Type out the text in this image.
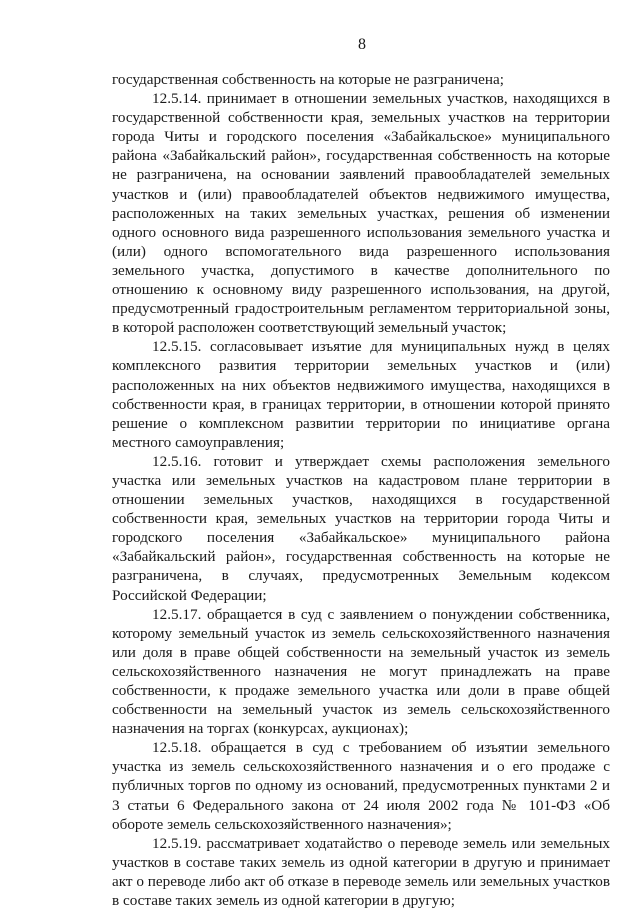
8

государственная собственность на которые не разграничена;

12.5.14. принимает в отношении земельных участков, находящихся в государственной собственности края, земельных участков на территории города Читы и городского поселения «Забайкальское» муниципального района «Забайкальский район», государственная собственность на которые не разграничена, на основании заявлений правообладателей земельных участков и (или) правообладателей объектов недвижимого имущества, расположенных на таких земельных участках, решения об изменении одного основного вида разрешенного использования земельного участка и (или) одного вспомогательного вида разрешенного использования земельного участка, допустимого в качестве дополнительного по отношению к основному виду разрешенного использования, на другой, предусмотренный градостроительным регламентом территориальной зоны, в которой расположен соответствующий земельный участок;

12.5.15. согласовывает изъятие для муниципальных нужд в целях комплексного развития территории земельных участков и (или) расположенных на них объектов недвижимого имущества, находящихся в собственности края, в границах территории, в отношении которой принято решение о комплексном развитии территории по инициативе органа местного самоуправления;

12.5.16. готовит и утверждает схемы расположения земельного участка или земельных участков на кадастровом плане территории в отношении земельных участков, находящихся в государственной собственности края, земельных участков на территории города Читы и городского поселения «Забайкальское» муниципального района «Забайкальский район», государственная собственность на которые не разграничена, в случаях, предусмотренных Земельным кодексом Российской Федерации;

12.5.17. обращается в суд с заявлением о понуждении собственника, которому земельный участок из земель сельскохозяйственного назначения или доля в праве общей собственности на земельный участок из земель сельскохозяйственного назначения не могут принадлежать на праве собственности, к продаже земельного участка или доли в праве общей собственности на земельный участок из земель сельскохозяйственного назначения на торгах (конкурсах, аукционах);

12.5.18. обращается в суд с требованием об изъятии земельного участка из земель сельскохозяйственного назначения и о его продаже с публичных торгов по одному из оснований, предусмотренных пунктами 2 и 3 статьи 6 Федерального закона от 24 июля 2002 года № 101-ФЗ «Об обороте земель сельскохозяйственного назначения»;

12.5.19. рассматривает ходатайство о переводе земель или земельных участков в составе таких земель из одной категории в другую и принимает акт о переводе либо акт об отказе в переводе земель или земельных участков в составе таких земель из одной категории в другую;
